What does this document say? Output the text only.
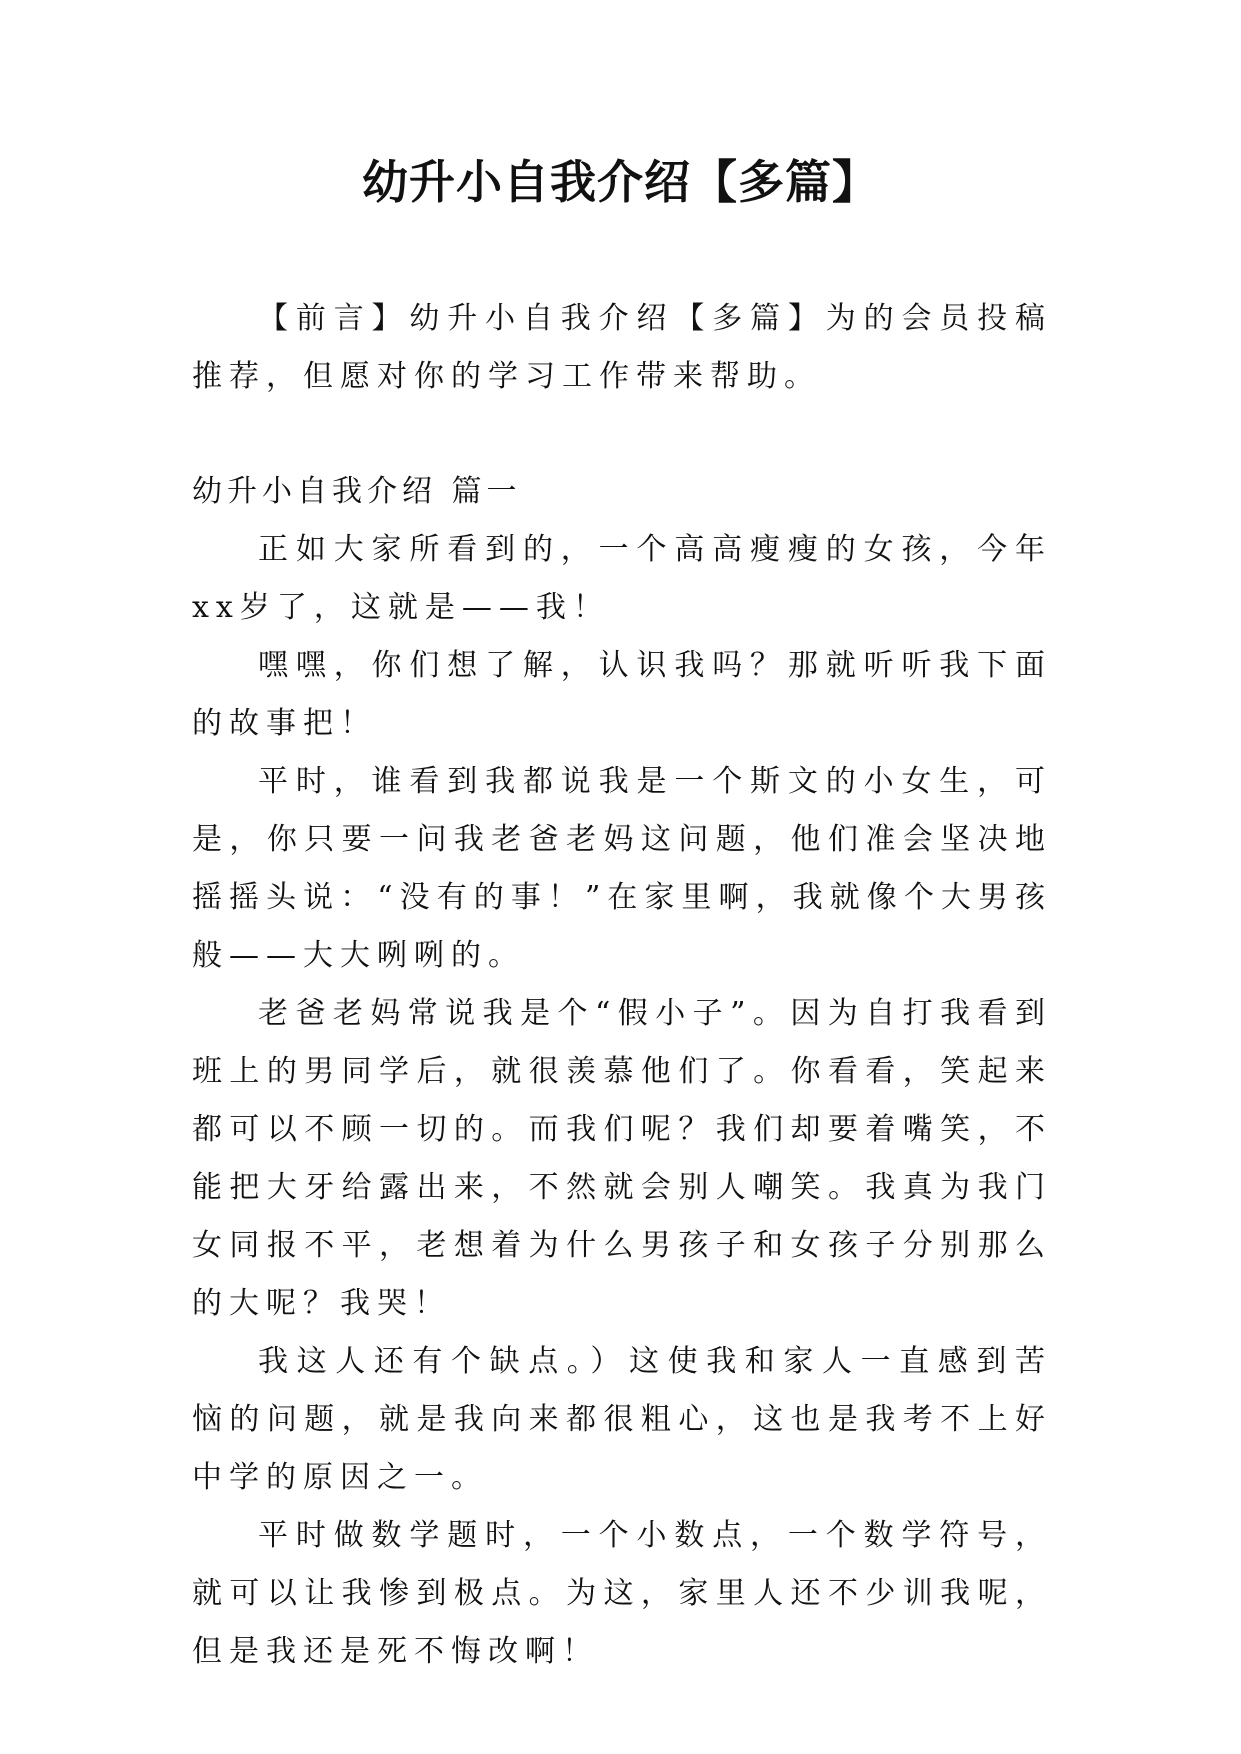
幼升小自我介绍【多篇】

【前言】幼升小自我介绍【多篇】为的会员投稿推荐，但愿对你的学习工作带来帮助。

幼升小自我介绍 篇一

正如大家所看到的，一个高高瘦瘦的女孩，今年xx岁了，这就是——我！

嘿嘿，你们想了解，认识我吗？那就听听我下面的故事把！

平时，谁看到我都说我是一个斯文的小女生，可是，你只要一问我老爸老妈这问题，他们准会坚决地摇摇头说：“没有的事！”在家里啊，我就像个大男孩般——大大咧咧的。

老爸老妈常说我是个“假小子”。因为自打我看到班上的男同学后，就很羡慕他们了。你看看，笑起来都可以不顾一切的。而我们呢？我们却要着嘴笑，不能把大牙给露出来，不然就会别人嘲笑。我真为我门女同报不平，老想着为什么男孩子和女孩子分别那么的大呢？我哭！

我这人还有个缺点。）这使我和家人一直感到苦恼的问题，就是我向来都很粗心，这也是我考不上好中学的原因之一。

平时做数学题时，一个小数点，一个数学符号，就可以让我惨到极点。为这，家里人还不少训我呢，但是我还是死不悔改啊！
